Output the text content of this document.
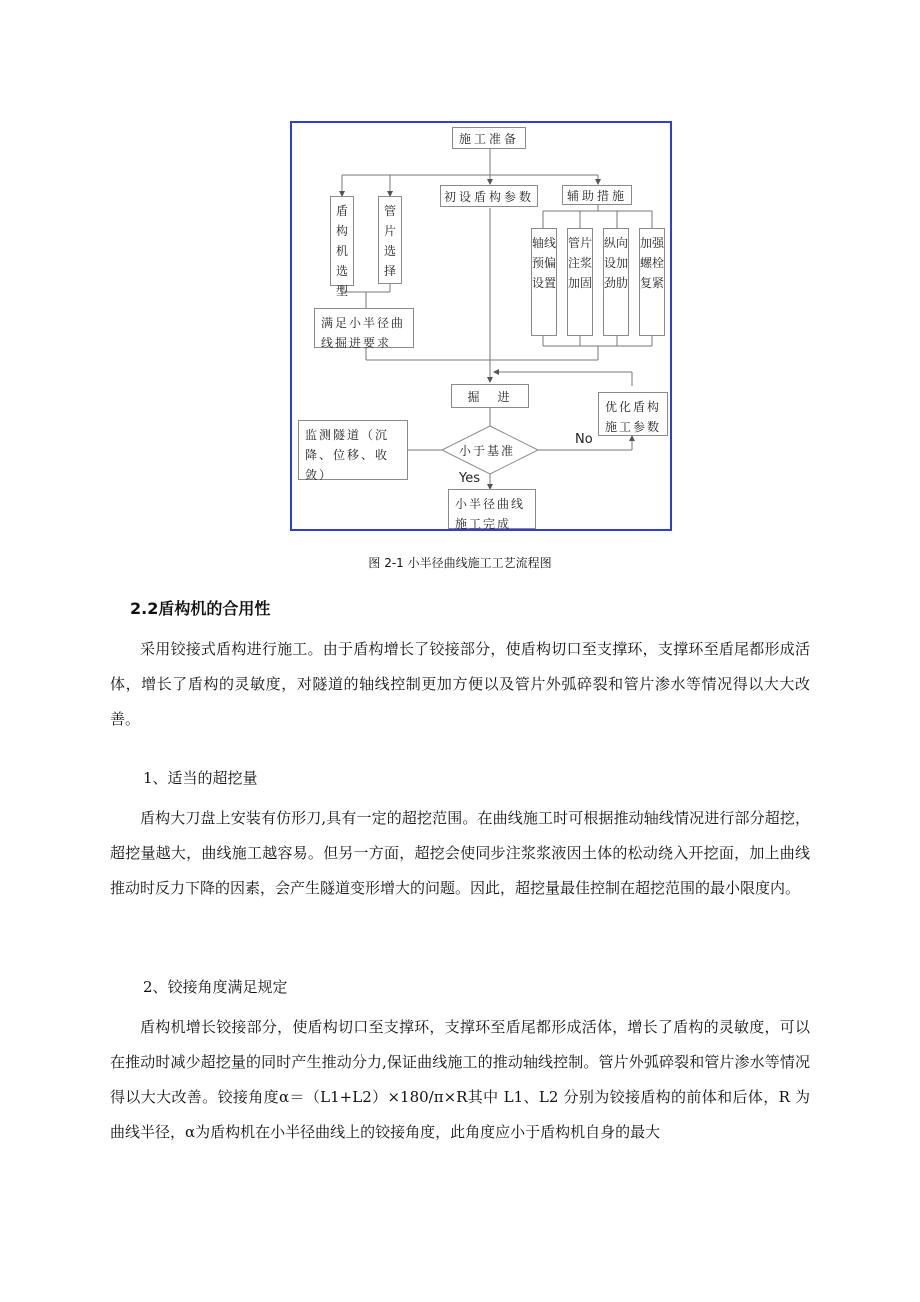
施工准备
盾构机选型
管片选择
初设盾构参数	辅助措施
轴线预偏设置
管片注浆加固
纵向设加劲肋
加强螺栓复紧
满足小半径曲线掘进要求
掘　进
优化盾构施工参数
监测隧道（沉降、位移、收敛）
小于基准
小半径曲线施工完成
No
Yes
图 2-1 小半径曲线施工工艺流程图
2.2盾构机的合用性

采用铰接式盾构进行施工。由于盾构增长了铰接部分，使盾构切口至支撑环，支撑环至盾尾都形成活体，增长了盾构的灵敏度，对隧道的轴线控制更加方便以及管片外弧碎裂和管片渗水等情况得以大大改善。

1、适当的超挖量

盾构大刀盘上安装有仿形刀,具有一定的超挖范围。在曲线施工时可根据推动轴线情况进行部分超挖，超挖量越大，曲线施工越容易。但另一方面，超挖会使同步注浆浆液因土体的松动绕入开挖面，加上曲线推动时反力下降的因素，会产生隧道变形增大的问题。因此，超挖量最佳控制在超挖范围的最小限度内。

2、铰接角度满足规定

盾构机增长铰接部分，使盾构切口至支撑环，支撑环至盾尾都形成活体，增长了盾构的灵敏度，可以在推动时减少超挖量的同时产生推动分力,保证曲线施工的推动轴线控制。管片外弧碎裂和管片渗水等情况得以大大改善。铰接角度α＝（L1+L2）×180/π×R其中 L1、L2 分别为铰接盾构的前体和后体，R 为曲线半径，α为盾构机在小半径曲线上的铰接角度，此角度应小于盾构机自身的最大
